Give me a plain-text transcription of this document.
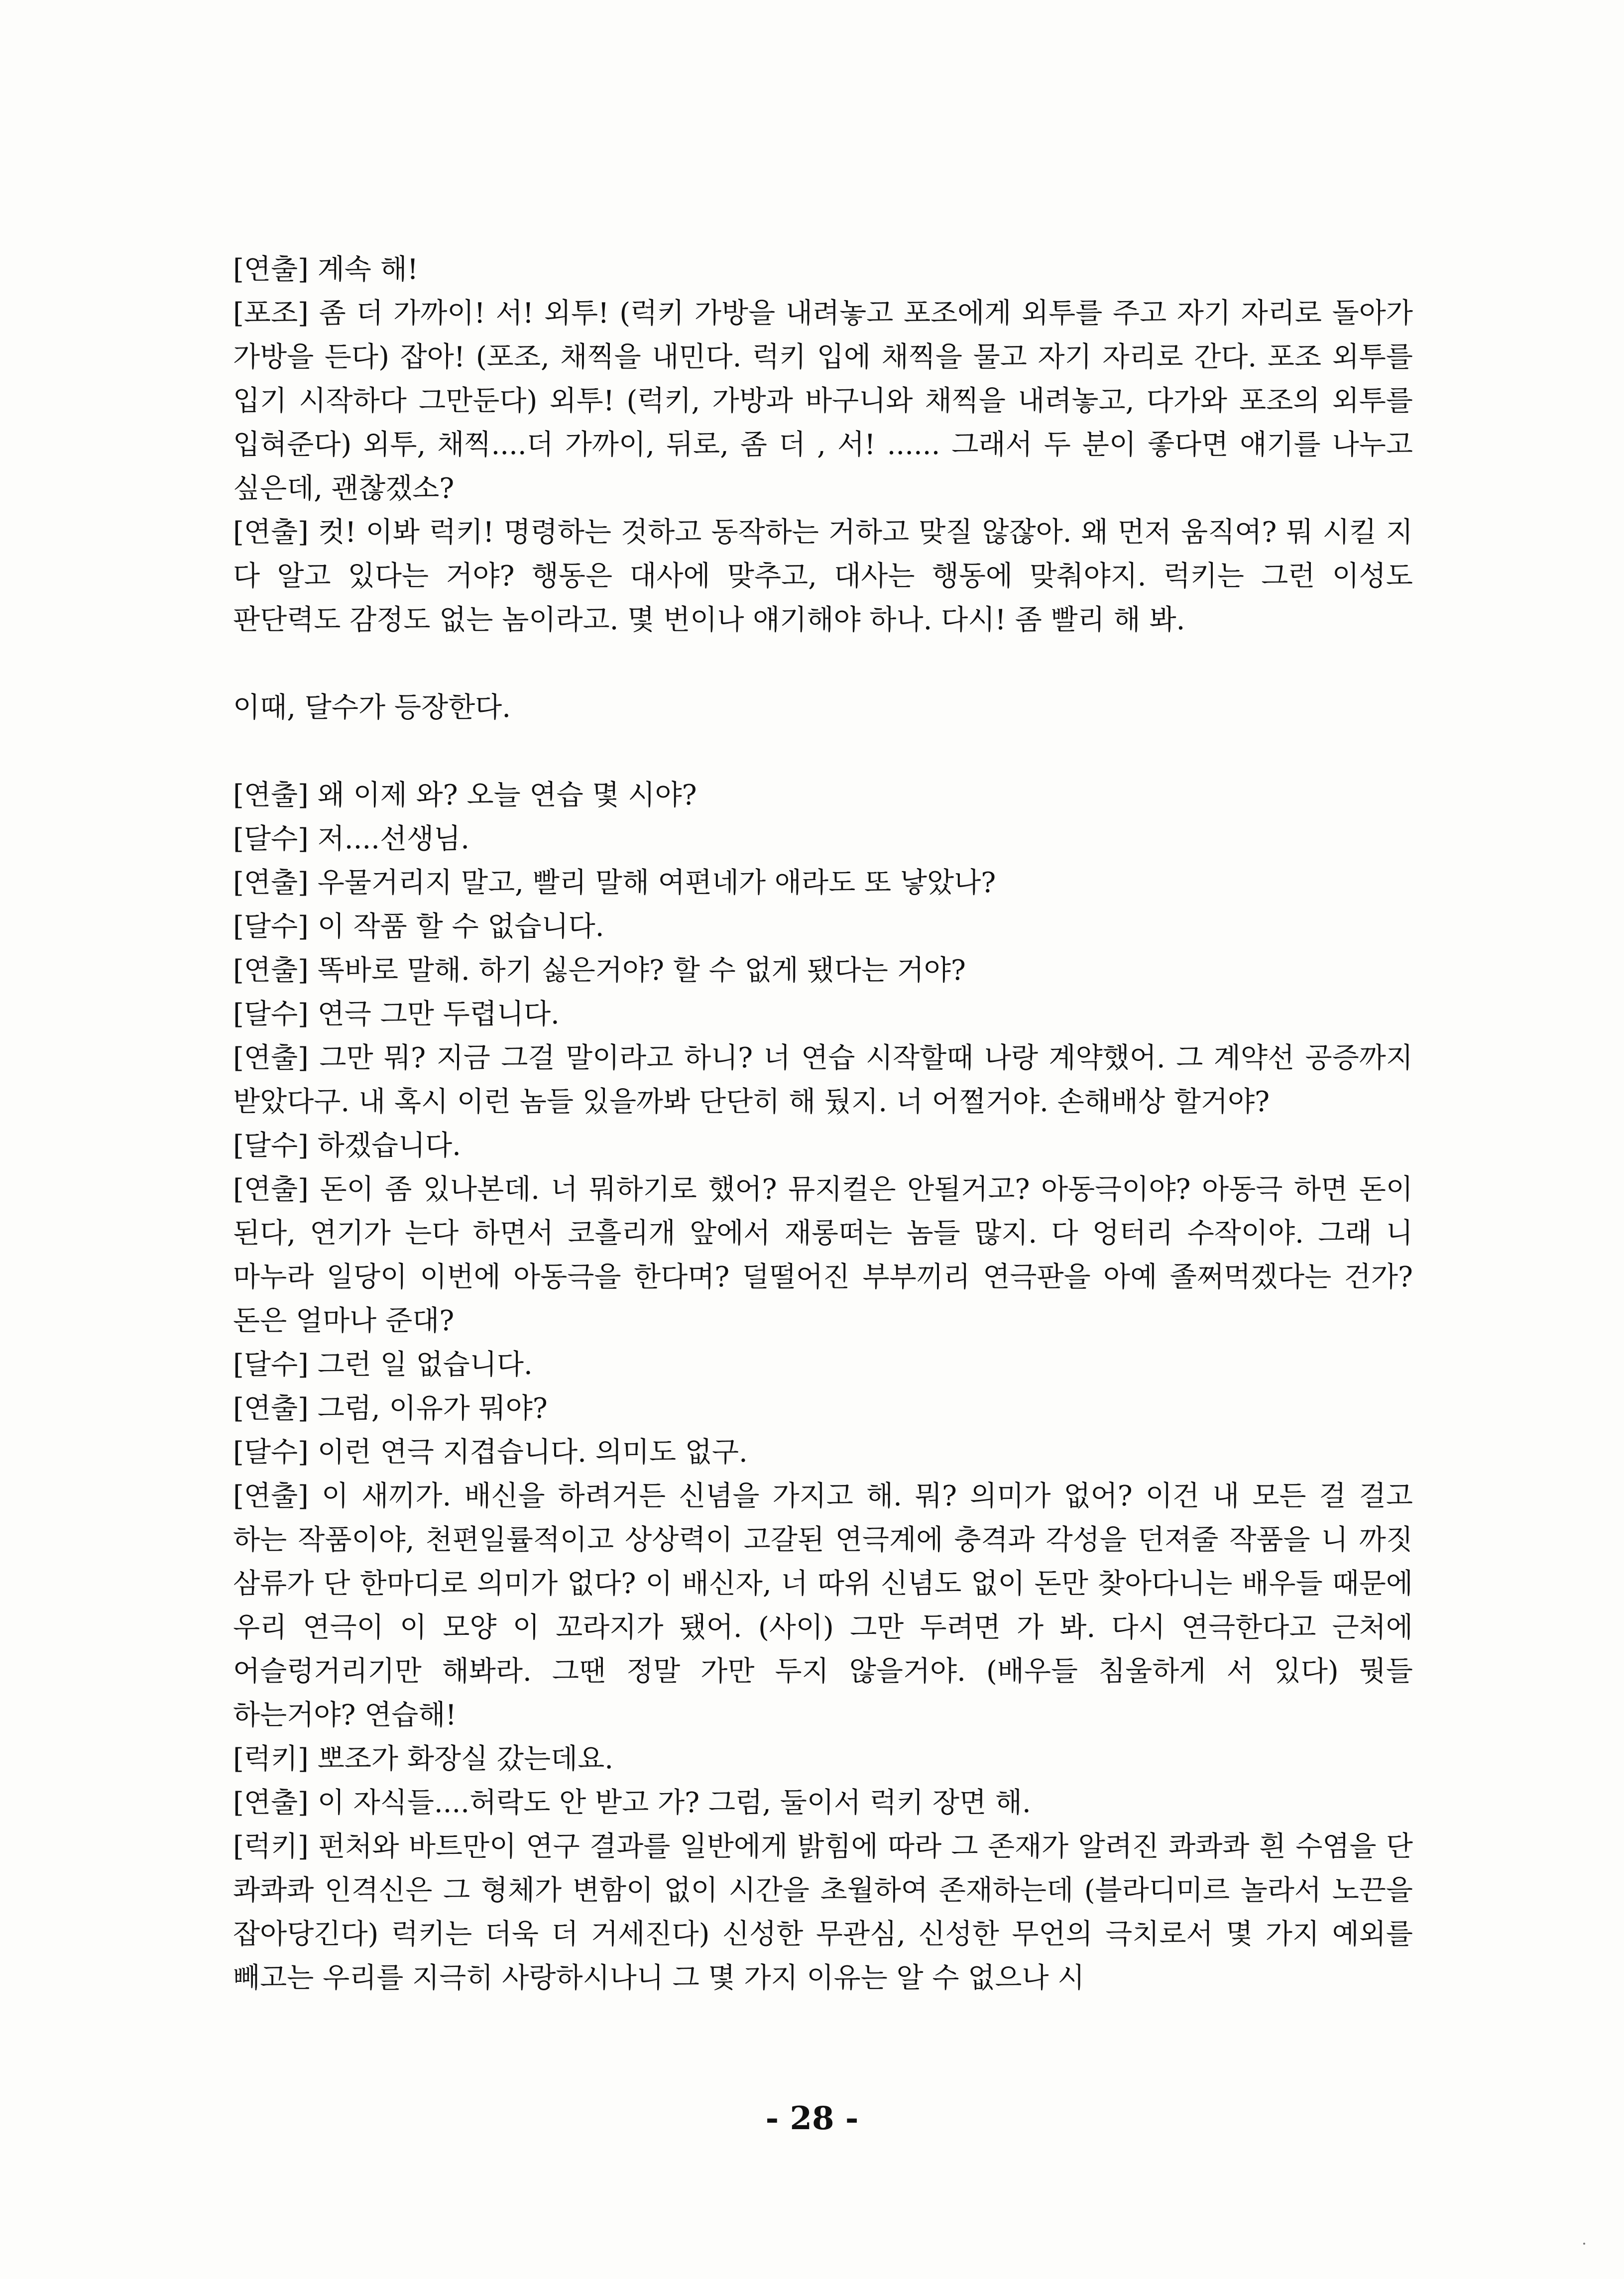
[연출] 계속 해!

[포조] 좀 더 가까이! 서! 외투! (럭키 가방을 내려놓고 포조에게 외투를 주고 자기 자리로 돌아가 가방을 든다) 잡아! (포조, 채찍을 내민다. 럭키 입에 채찍을 물고 자기 자리로 간다. 포조 외투를 입기 시작하다 그만둔다) 외투! (럭키, 가방과 바구니와 채찍을 내려놓고, 다가와 포조의 외투를 입혀준다) 외투, 채찍....더 가까이, 뒤로, 좀 더 , 서! ...... 그래서 두 분이 좋다면 얘기를 나누고 싶은데, 괜찮겠소?

[연출] 컷! 이봐 럭키! 명령하는 것하고 동작하는 거하고 맞질 않잖아. 왜 먼저 움직여? 뭐 시킬 지 다 알고 있다는 거야? 행동은 대사에 맞추고, 대사는 행동에 맞춰야지. 럭키는 그런 이성도 판단력도 감정도 없는 놈이라고. 몇 번이나 얘기해야 하나. 다시! 좀 빨리 해 봐.

이때, 달수가 등장한다.

[연출] 왜 이제 와? 오늘 연습 몇 시야?

[달수] 저....선생님.

[연출] 우물거리지 말고, 빨리 말해 여편네가 애라도 또 낳았나?

[달수] 이 작품 할 수 없습니다.

[연출] 똑바로 말해. 하기 싫은거야? 할 수 없게 됐다는 거야?

[달수] 연극 그만 두렵니다.

[연출] 그만 뭐? 지금 그걸 말이라고 하니? 너 연습 시작할때 나랑 계약했어. 그 계약선 공증까지 받았다구. 내 혹시 이런 놈들 있을까봐 단단히 해 뒀지. 너 어쩔거야. 손해배상 할거야?

[달수] 하겠습니다.

[연출] 돈이 좀 있나본데. 너 뭐하기로 했어? 뮤지컬은 안될거고? 아동극이야? 아동극 하면 돈이 된다, 연기가 는다 하면서 코흘리개 앞에서 재롱떠는 놈들 많지. 다 엉터리 수작이야. 그래 니 마누라 일당이 이번에 아동극을 한다며? 덜떨어진 부부끼리 연극판을 아예 졸쩌먹겠다는 건가? 돈은 얼마나 준대?

[달수] 그런 일 없습니다.

[연출] 그럼, 이유가 뭐야?

[달수] 이런 연극 지겹습니다. 의미도 없구.

[연출] 이 새끼가. 배신을 하려거든 신념을 가지고 해. 뭐? 의미가 없어? 이건 내 모든 걸 걸고 하는 작품이야, 천편일률적이고 상상력이 고갈된 연극계에 충격과 각성을 던져줄 작품을 니 까짓 삼류가 단 한마디로 의미가 없다? 이 배신자, 너 따위 신념도 없이 돈만 찾아다니는 배우들 때문에 우리 연극이 이 모양 이 꼬라지가 됐어. (사이) 그만 두려면 가 봐. 다시 연극한다고 근처에 어슬렁거리기만 해봐라. 그땐 정말 가만 두지 않을거야. (배우들 침울하게 서 있다) 뭣들 하는거야? 연습해!

[럭키] 뽀조가 화장실 갔는데요.

[연출] 이 자식들....허락도 안 받고 가? 그럼, 둘이서 럭키 장면 해.

[럭키] 펀처와 바트만이 연구 결과를 일반에게 밝힘에 따라 그 존재가 알려진 콰콰콰 흰 수염을 단 콰콰콰 인격신은 그 형체가 변함이 없이 시간을 초월하여 존재하는데 (블라디미르 놀라서 노끈을 잡아당긴다) 럭키는 더욱 더 거세진다) 신성한 무관심, 신성한 무언의 극치로서 몇 가지 예외를 빼고는 우리를 지극히 사랑하시나니 그 몇 가지 이유는 알 수 없으나 시

- 28 -
